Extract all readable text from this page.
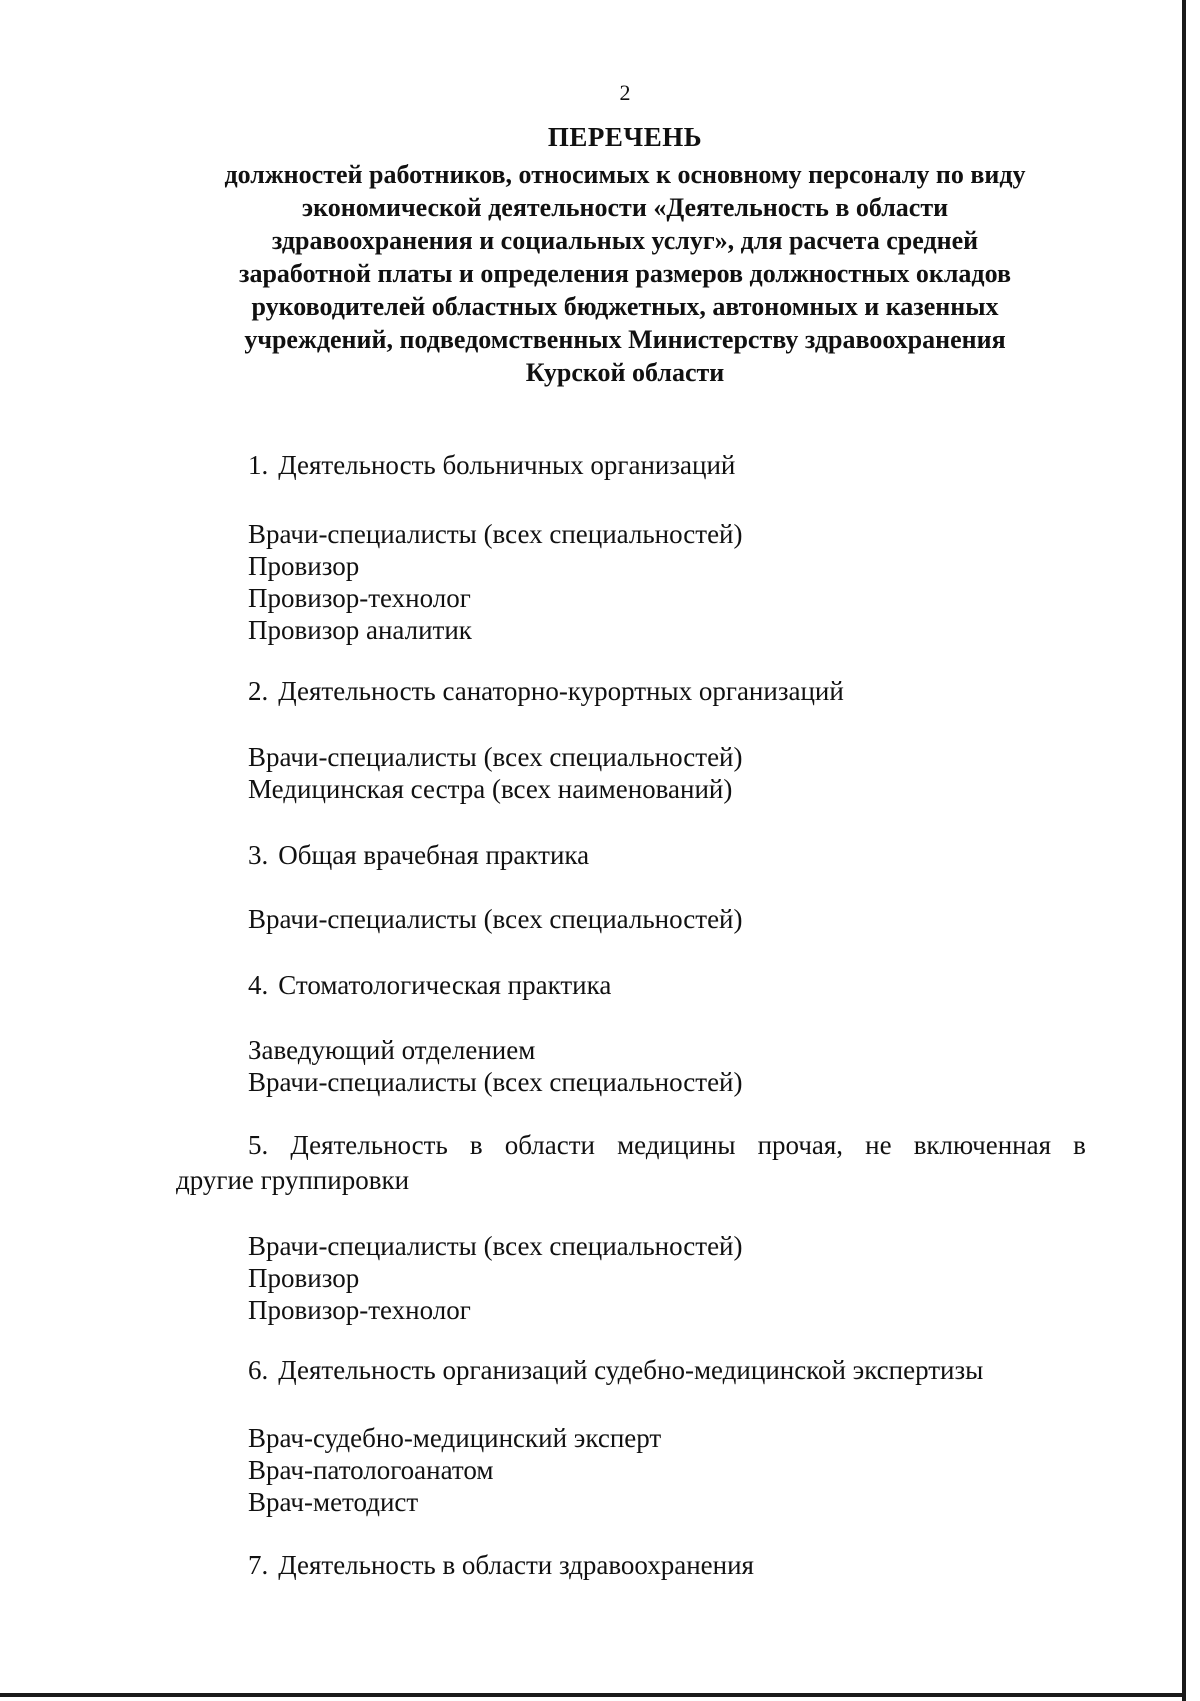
2
ПЕРЕЧЕНЬ
должностей работников, относимых к основному персоналу по виду
экономической деятельности «Деятельность в области
здравоохранения и социальных услуг», для расчета средней
заработной платы и определения размеров должностных окладов
руководителей областных бюджетных, автономных и казенных
учреждений, подведомственных Министерству здравоохранения
Курской области
1. Деятельность больничных организаций
Врачи-специалисты (всех специальностей)
Провизор
Провизор-технолог
Провизор аналитик
2. Деятельность санаторно-курортных организаций
Врачи-специалисты (всех специальностей)
Медицинская сестра (всех наименований)
3. Общая врачебная практика
Врачи-специалисты (всех специальностей)
4. Стоматологическая практика
Заведующий отделением
Врачи-специалисты (всех специальностей)
5. Деятельность в области медицины прочая, не включенная в
другие группировки
Врачи-специалисты (всех специальностей)
Провизор
Провизор-технолог
6. Деятельность организаций судебно-медицинской экспертизы
Врач-судебно-медицинский эксперт
Врач-патологоанатом
Врач-методист
7. Деятельность в области здравоохранения
